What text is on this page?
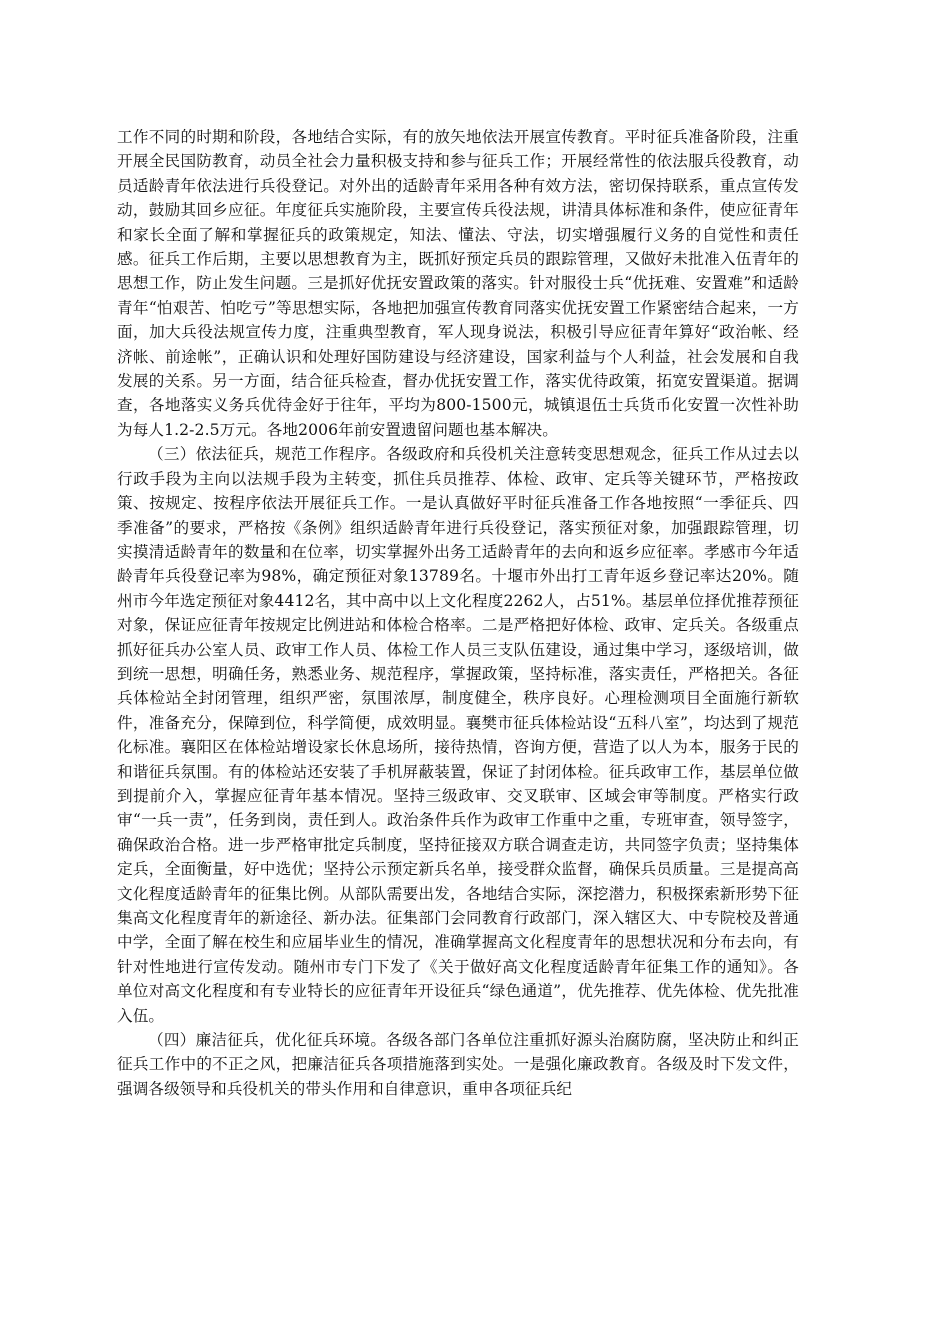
工作不同的时期和阶段，各地结合实际，有的放矢地依法开展宣传教育。平时征兵准备阶段，注重开展全民国防教育，动员全社会力量积极支持和参与征兵工作；开展经常性的依法服兵役教育，动员适龄青年依法进行兵役登记。对外出的适龄青年采用各种有效方法，密切保持联系，重点宣传发动，鼓励其回乡应征。年度征兵实施阶段，主要宣传兵役法规，讲清具体标准和条件，使应征青年和家长全面了解和掌握征兵的政策规定，知法、懂法、守法，切实增强履行义务的自觉性和责任感。征兵工作后期，主要以思想教育为主，既抓好预定兵员的跟踪管理，又做好未批准入伍青年的思想工作，防止发生问题。三是抓好优抚安置政策的落实。针对服役士兵“优抚难、安置难”和适龄青年“怕艰苦、怕吃亏”等思想实际，各地把加强宣传教育同落实优抚安置工作紧密结合起来，一方面，加大兵役法规宣传力度，注重典型教育，军人现身说法，积极引导应征青年算好“政治帐、经济帐、前途帐”，正确认识和处理好国防建设与经济建设，国家利益与个人利益，社会发展和自我发展的关系。另一方面，结合征兵检查，督办优抚安置工作，落实优待政策，拓宽安置渠道。据调查，各地落实义务兵优待金好于往年，平均为800-1500元，城镇退伍士兵货币化安置一次性补助为每人1.2-2.5万元。各地2006年前安置遗留问题也基本解决。

（三）依法征兵，规范工作程序。各级政府和兵役机关注意转变思想观念，征兵工作从过去以行政手段为主向以法规手段为主转变，抓住兵员推荐、体检、政审、定兵等关键环节，严格按政策、按规定、按程序依法开展征兵工作。一是认真做好平时征兵准备工作各地按照“一季征兵、四季准备”的要求，严格按《条例》组织适龄青年进行兵役登记，落实预征对象，加强跟踪管理，切实摸清适龄青年的数量和在位率，切实掌握外出务工适龄青年的去向和返乡应征率。孝感市今年适龄青年兵役登记率为98%，确定预征对象13789名。十堰市外出打工青年返乡登记率达20%。随州市今年选定预征对象4412名，其中高中以上文化程度2262人，占51%。基层单位择优推荐预征对象，保证应征青年按规定比例进站和体检合格率。二是严格把好体检、政审、定兵关。各级重点抓好征兵办公室人员、政审工作人员、体检工作人员三支队伍建设，通过集中学习，逐级培训，做到统一思想，明确任务，熟悉业务、规范程序，掌握政策，坚持标准，落实责任，严格把关。各征兵体检站全封闭管理，组织严密，氛围浓厚，制度健全，秩序良好。心理检测项目全面施行新软件，准备充分，保障到位，科学简便，成效明显。襄樊市征兵体检站设“五科八室”，均达到了规范化标准。襄阳区在体检站增设家长休息场所，接待热情，咨询方便，营造了以人为本，服务于民的和谐征兵氛围。有的体检站还安装了手机屏蔽装置，保证了封闭体检。征兵政审工作，基层单位做到提前介入，掌握应征青年基本情况。坚持三级政审、交叉联审、区域会审等制度。严格实行政审“一兵一责”，任务到岗，责任到人。政治条件兵作为政审工作重中之重，专班审查，领导签字，确保政治合格。进一步严格审批定兵制度，坚持征接双方联合调查走访，共同签字负责；坚持集体定兵，全面衡量，好中选优；坚持公示预定新兵名单，接受群众监督，确保兵员质量。三是提高高文化程度适龄青年的征集比例。从部队需要出发，各地结合实际，深挖潜力，积极探索新形势下征集高文化程度青年的新途径、新办法。征集部门会同教育行政部门，深入辖区大、中专院校及普通中学，全面了解在校生和应届毕业生的情况，准确掌握高文化程度青年的思想状况和分布去向，有针对性地进行宣传发动。随州市专门下发了《关于做好高文化程度适龄青年征集工作的通知》。各单位对高文化程度和有专业特长的应征青年开设征兵“绿色通道”，优先推荐、优先体检、优先批准入伍。

（四）廉洁征兵，优化征兵环境。各级各部门各单位注重抓好源头治腐防腐，坚决防止和纠正征兵工作中的不正之风，把廉洁征兵各项措施落到实处。一是强化廉政教育。各级及时下发文件，强调各级领导和兵役机关的带头作用和自律意识，重申各项征兵纪
